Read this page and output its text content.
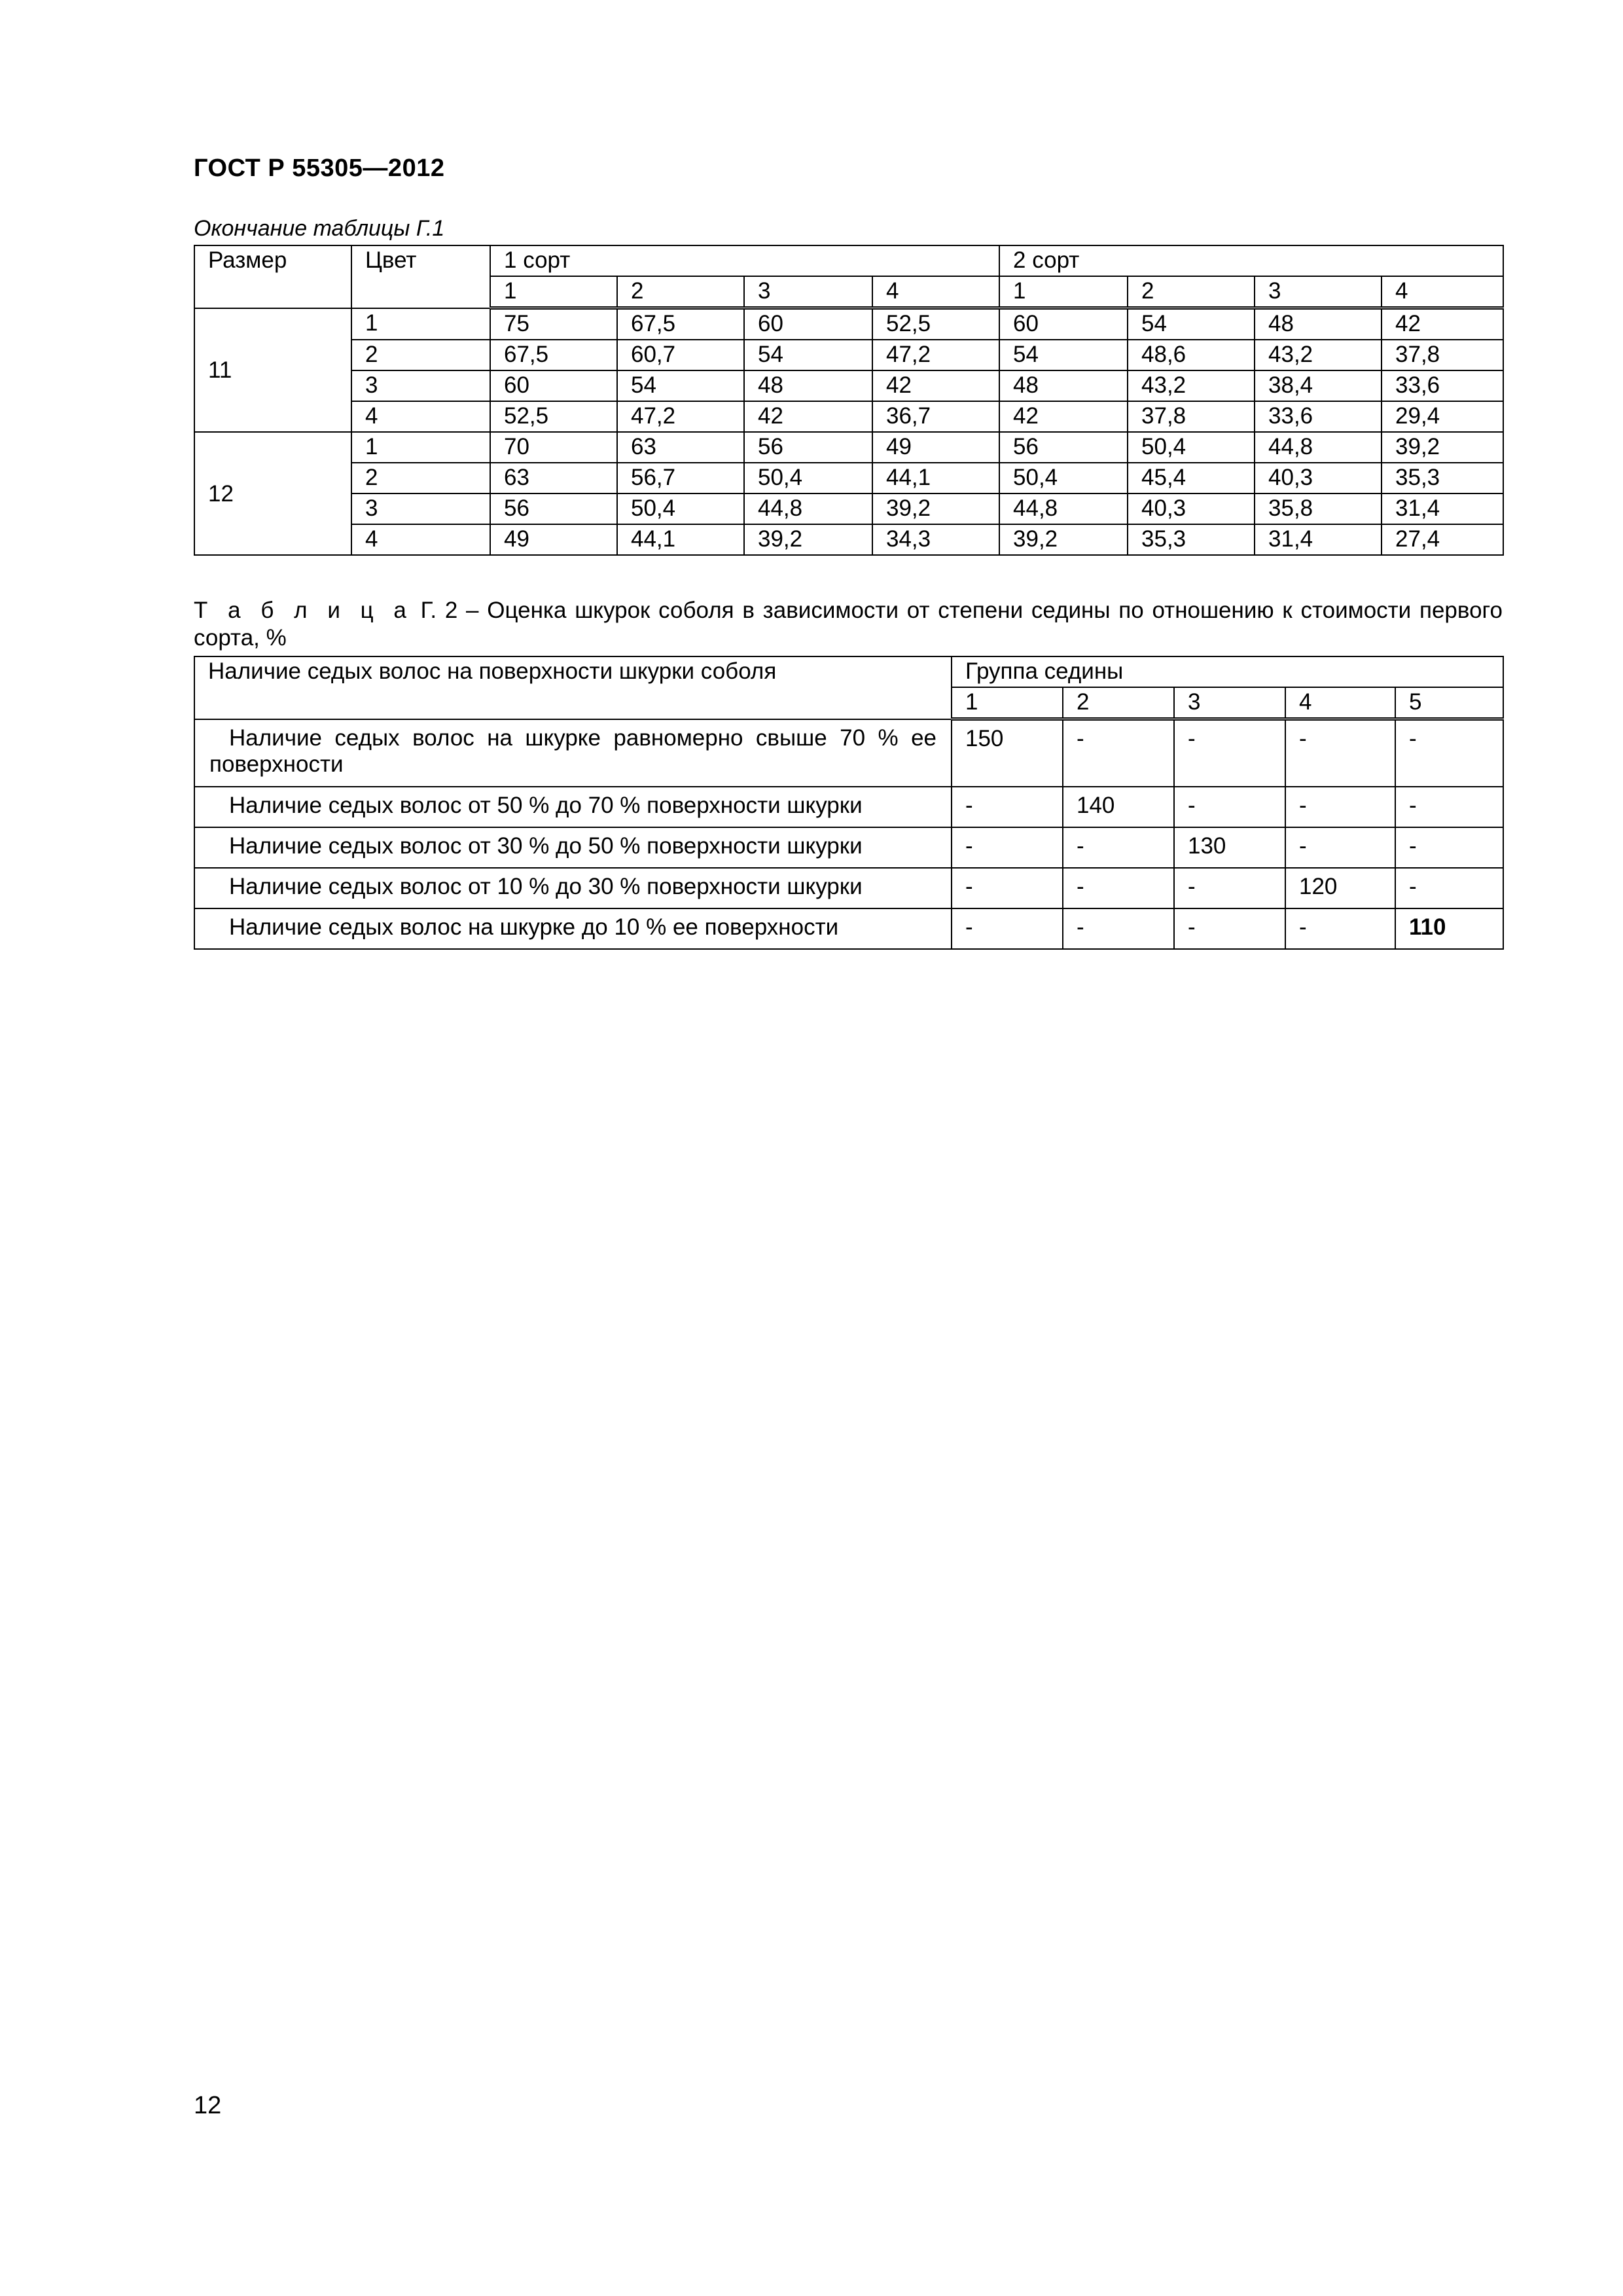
ГОСТ Р 55305—2012
Окончание таблицы Г.1
Размер	Цвет	1 сорт				2 сорт			
		1	2	3	4	1	2	3	4
11	1	75	67,5	60	52,5	60	54	48	42
	2	67,5	60,7	54	47,2	54	48,6	43,2	37,8
	3	60	54	48	42	48	43,2	38,4	33,6
	4	52,5	47,2	42	36,7	42	37,8	33,6	29,4
12	1	70	63	56	49	56	50,4	44,8	39,2
	2	63	56,7	50,4	44,1	50,4	45,4	40,3	35,3
	3	56	50,4	44,8	39,2	44,8	40,3	35,8	31,4
	4	49	44,1	39,2	34,3	39,2	35,3	31,4	27,4
Т а б л и ц а Г. 2 – Оценка шкурок соболя в зависимости от степени седины по отношению к стоимости первого сорта, %
Наличие седых волос на поверхности шкурки соболя	Группа седины				
	1	2	3	4	5
Наличие седых волос на шкурке равномерно свыше 70 % ее поверхности	150	-	-	-	-
Наличие седых волос от 50 % до 70 % поверхности шкурки	-	140	-	-	-
Наличие седых волос от 30 % до 50 % поверхности шкурки	-	-	130	-	-
Наличие седых волос от 10 % до 30 % поверхности шкурки	-	-	-	120	-
Наличие седых волос на шкурке до 10 % ее поверхности	-	-	-	-	110
12
